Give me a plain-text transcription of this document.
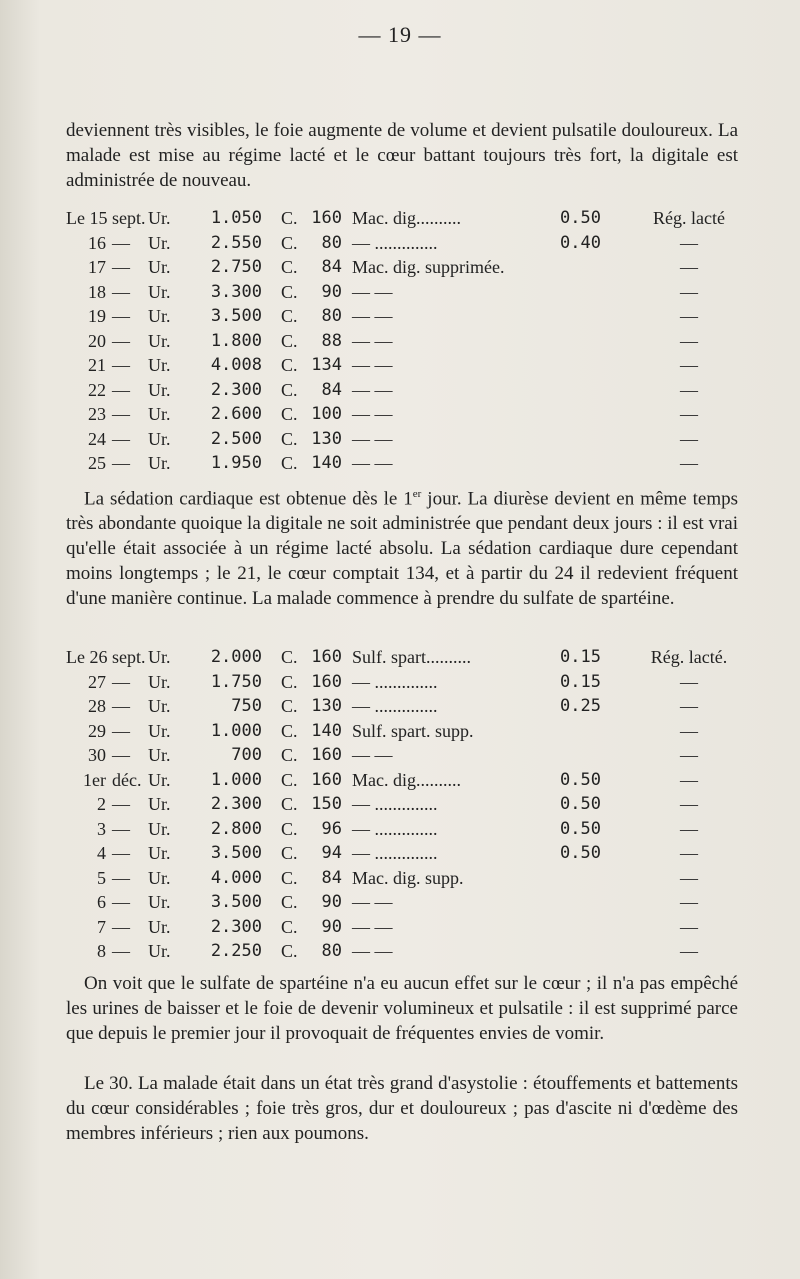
— 19 —

deviennent très visibles, le foie augmente de volume et devient pulsatile douloureux. La malade est mise au régime lacté et le cœur battant toujours très fort, la digitale est administrée de nouveau.

Le 15 sept. Ur.	1.050 C. 160 Mac. dig..........	0.50	Rég. lacté
16 — Ur.	2.550 C.	80 — ..............	0.40	—
17 — Ur.	2.750 C.	84 Mac. dig. supprimée.	—
18 — Ur.	3.300 C.	90 — —	—
19 — Ur.	3.500 C.	80 — —	—
20 — Ur.	1.800 C.	88 — —	—
21 — Ur.	4.008 C. 134 — —	—
22 — Ur.	2.300 C.	84 — —	—
23 — Ur.	2.600 C. 100 — —	—
24 — Ur.	2.500 C. 130 — —	—
25 — Ur.	1.950 C. 140 — —	—

La sédation cardiaque est obtenue dès le 1er jour. La diurèse devient en même temps très abondante quoique la digitale ne soit administrée que pendant deux jours : il est vrai qu'elle était associée à un régime lacté absolu. La sédation cardiaque dure cependant moins longtemps ; le 21, le cœur comptait 134, et à partir du 24 il redevient fréquent d'une manière continue. La malade commence à prendre du sulfate de spartéine.

Le 26 sept. Ur.	2.000 C. 160 Sulf. spart..........	0.15	Rég. lacté.
27 — Ur.	1.750 C. 160 — ..............	0.15	—
28 — Ur.	750 C. 130 — ..............	0.25	—
29 — Ur.	1.000 C. 140 Sulf. spart. supp.	—
30 — Ur.	700 C. 160 — —	—
1er déc. Ur.	1.000 C. 160 Mac. dig..........	0.50	—
2 — Ur.	2.300 C. 150 — ..............	0.50	—
3 — Ur.	2.800 C.	96 — ..............	0.50	—
4 — Ur.	3.500 C.	94 — ..............	0.50	—
5 — Ur.	4.000 C.	84 Mac. dig. supp.	—
6 — Ur.	3.500 C.	90 — —	—
7 — Ur.	2.300 C.	90 — —	—
8 — Ur.	2.250 C.	80 — —	—

On voit que le sulfate de spartéine n'a eu aucun effet sur le cœur ; il n'a pas empêché les urines de baisser et le foie de devenir volumineux et pulsatile : il est supprimé parce que depuis le premier jour il provoquait de fréquentes envies de vomir.

Le 30. La malade était dans un état très grand d'asystolie : étouffements et battements du cœur considérables ; foie très gros, dur et douloureux ; pas d'ascite ni d'œdème des membres inférieurs ; rien aux poumons.
